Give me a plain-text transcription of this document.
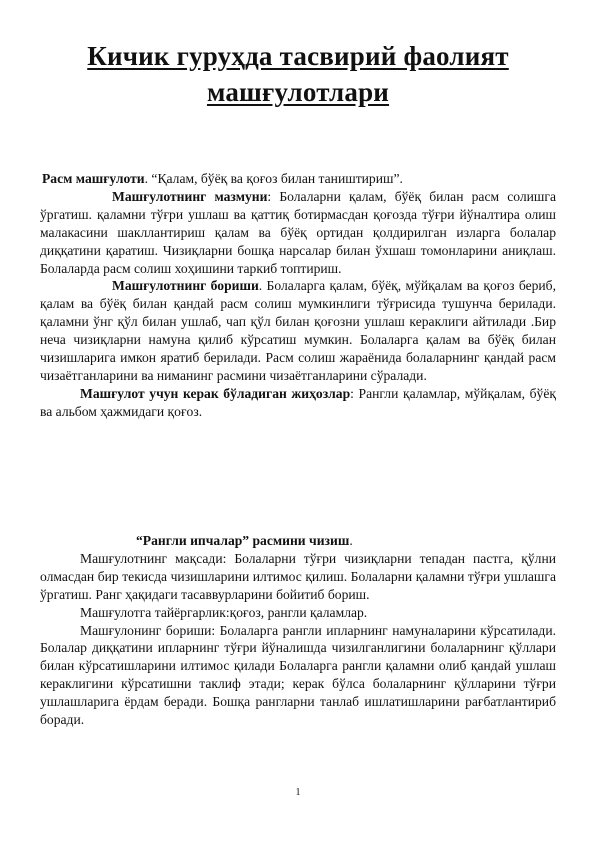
Кичик гуруҳда тасвирий фаолият машғулотлари

Расм машғулоти. “Қалам, бўёқ ва қоғоз билан таништириш”.

Машғулотнинг мазмуни: Болаларни қалам, бўёқ билан расм солишга ўргатиш. қаламни тўғри ушлаш ва қаттиқ ботирмасдан қоғозда тўғри йўналтира олиш малакасини шакллантириш қалам ва бўёқ ортидан қолдирилган изларга болалар диққатини қаратиш. Чизиқларни бошқа нарсалар билан ўхшаш томонларини аниқлаш. Болаларда расм солиш хоҳишини таркиб топтириш.

Машғулотнинг бориши. Болаларга қалам, бўёқ, мўйқалам ва қоғоз бериб, қалам ва бўёқ билан қандай расм солиш мумкинлиги тўғрисида тушунча берилади. қаламни ўнг қўл билан ушлаб, чап қўл билан қоғозни ушлаш кераклиги айтилади .Бир неча чизиқларни намуна қилиб кўрсатиш мумкин. Болаларга қалам ва бўёқ билан чизишларига имкон яратиб берилади. Расм солиш жараёнида болаларнинг қандай расм чизаётганларини ва ниманинг расмини чизаётганларини сўралади.

Машғулот учун керак бўладиган жиҳозлар: Рангли қаламлар, мўйқалам, бўёқ ва альбом ҳажмидаги қоғоз.

“Рангли ипчалар” расмини чизиш.

Машғулотнинг мақсади: Болаларни тўғри чизиқларни тепадан пастга, қўлни олмасдан бир текисда чизишларини илтимос қилиш. Болаларни қаламни тўғри ушлашга ўргатиш. Ранг ҳақидаги тасаввурларини бойитиб бориш.

Машғулотга тайёргарлик:қоғоз, рангли қаламлар.

Машғулонинг бориши: Болаларга рангли ипларнинг намуналарини кўрсатилади. Болалар диққатини ипларнинг тўғри йўналишда чизилганлигини болаларнинг қўллари билан кўрсатишларини илтимос қилади Болаларга рангли қаламни олиб қандай ушлаш кераклигини кўрсатишни таклиф этади; керак бўлса болаларнинг қўлларини тўғри ушлашларига ёрдам беради. Бошқа рангларни танлаб ишлатишларини рағбатлантириб боради.

1
